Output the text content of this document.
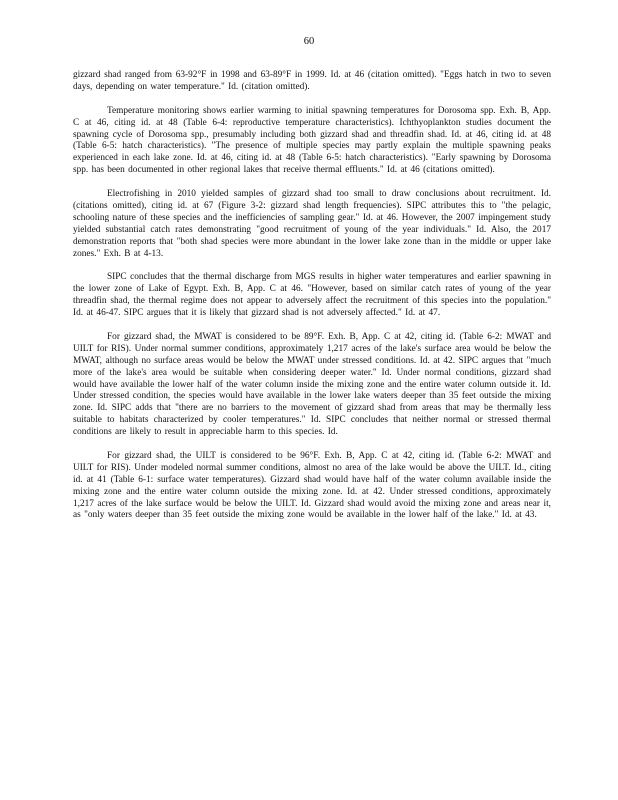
60

gizzard shad ranged from 63-92°F in 1998 and 63-89°F in 1999. Id. at 46 (citation omitted). "Eggs hatch in two to seven days, depending on water temperature." Id. (citation omitted).

Temperature monitoring shows earlier warming to initial spawning temperatures for Dorosoma spp. Exh. B, App. C at 46, citing id. at 48 (Table 6-4: reproductive temperature characteristics). Ichthyoplankton studies document the spawning cycle of Dorosoma spp., presumably including both gizzard shad and threadfin shad. Id. at 46, citing id. at 48 (Table 6-5: hatch characteristics). "The presence of multiple species may partly explain the multiple spawning peaks experienced in each lake zone. Id. at 46, citing id. at 48 (Table 6-5: hatch characteristics). "Early spawning by Dorosoma spp. has been documented in other regional lakes that receive thermal effluents." Id. at 46 (citations omitted).

Electrofishing in 2010 yielded samples of gizzard shad too small to draw conclusions about recruitment. Id. (citations omitted), citing id. at 67 (Figure 3-2: gizzard shad length frequencies). SIPC attributes this to "the pelagic, schooling nature of these species and the inefficiencies of sampling gear." Id. at 46. However, the 2007 impingement study yielded substantial catch rates demonstrating "good recruitment of young of the year individuals." Id. Also, the 2017 demonstration reports that "both shad species were more abundant in the lower lake zone than in the middle or upper lake zones." Exh. B at 4-13.

SIPC concludes that the thermal discharge from MGS results in higher water temperatures and earlier spawning in the lower zone of Lake of Egypt. Exh. B, App. C at 46. "However, based on similar catch rates of young of the year threadfin shad, the thermal regime does not appear to adversely affect the recruitment of this species into the population." Id. at 46-47. SIPC argues that it is likely that gizzard shad is not adversely affected." Id. at 47.

For gizzard shad, the MWAT is considered to be 89°F. Exh. B, App. C at 42, citing id. (Table 6-2: MWAT and UILT for RIS). Under normal summer conditions, approximately 1,217 acres of the lake's surface area would be below the MWAT, although no surface areas would be below the MWAT under stressed conditions. Id. at 42. SIPC argues that "much more of the lake's area would be suitable when considering deeper water." Id. Under normal conditions, gizzard shad would have available the lower half of the water column inside the mixing zone and the entire water column outside it. Id. Under stressed condition, the species would have available in the lower lake waters deeper than 35 feet outside the mixing zone. Id. SIPC adds that "there are no barriers to the movement of gizzard shad from areas that may be thermally less suitable to habitats characterized by cooler temperatures." Id. SIPC concludes that neither normal or stressed thermal conditions are likely to result in appreciable harm to this species. Id.

For gizzard shad, the UILT is considered to be 96°F. Exh. B, App. C at 42, citing id. (Table 6-2: MWAT and UILT for RIS). Under modeled normal summer conditions, almost no area of the lake would be above the UILT. Id., citing id. at 41 (Table 6-1: surface water temperatures). Gizzard shad would have half of the water column available inside the mixing zone and the entire water column outside the mixing zone. Id. at 42. Under stressed conditions, approximately 1,217 acres of the lake surface would be below the UILT. Id. Gizzard shad would avoid the mixing zone and areas near it, as "only waters deeper than 35 feet outside the mixing zone would be available in the lower half of the lake." Id. at 43.
